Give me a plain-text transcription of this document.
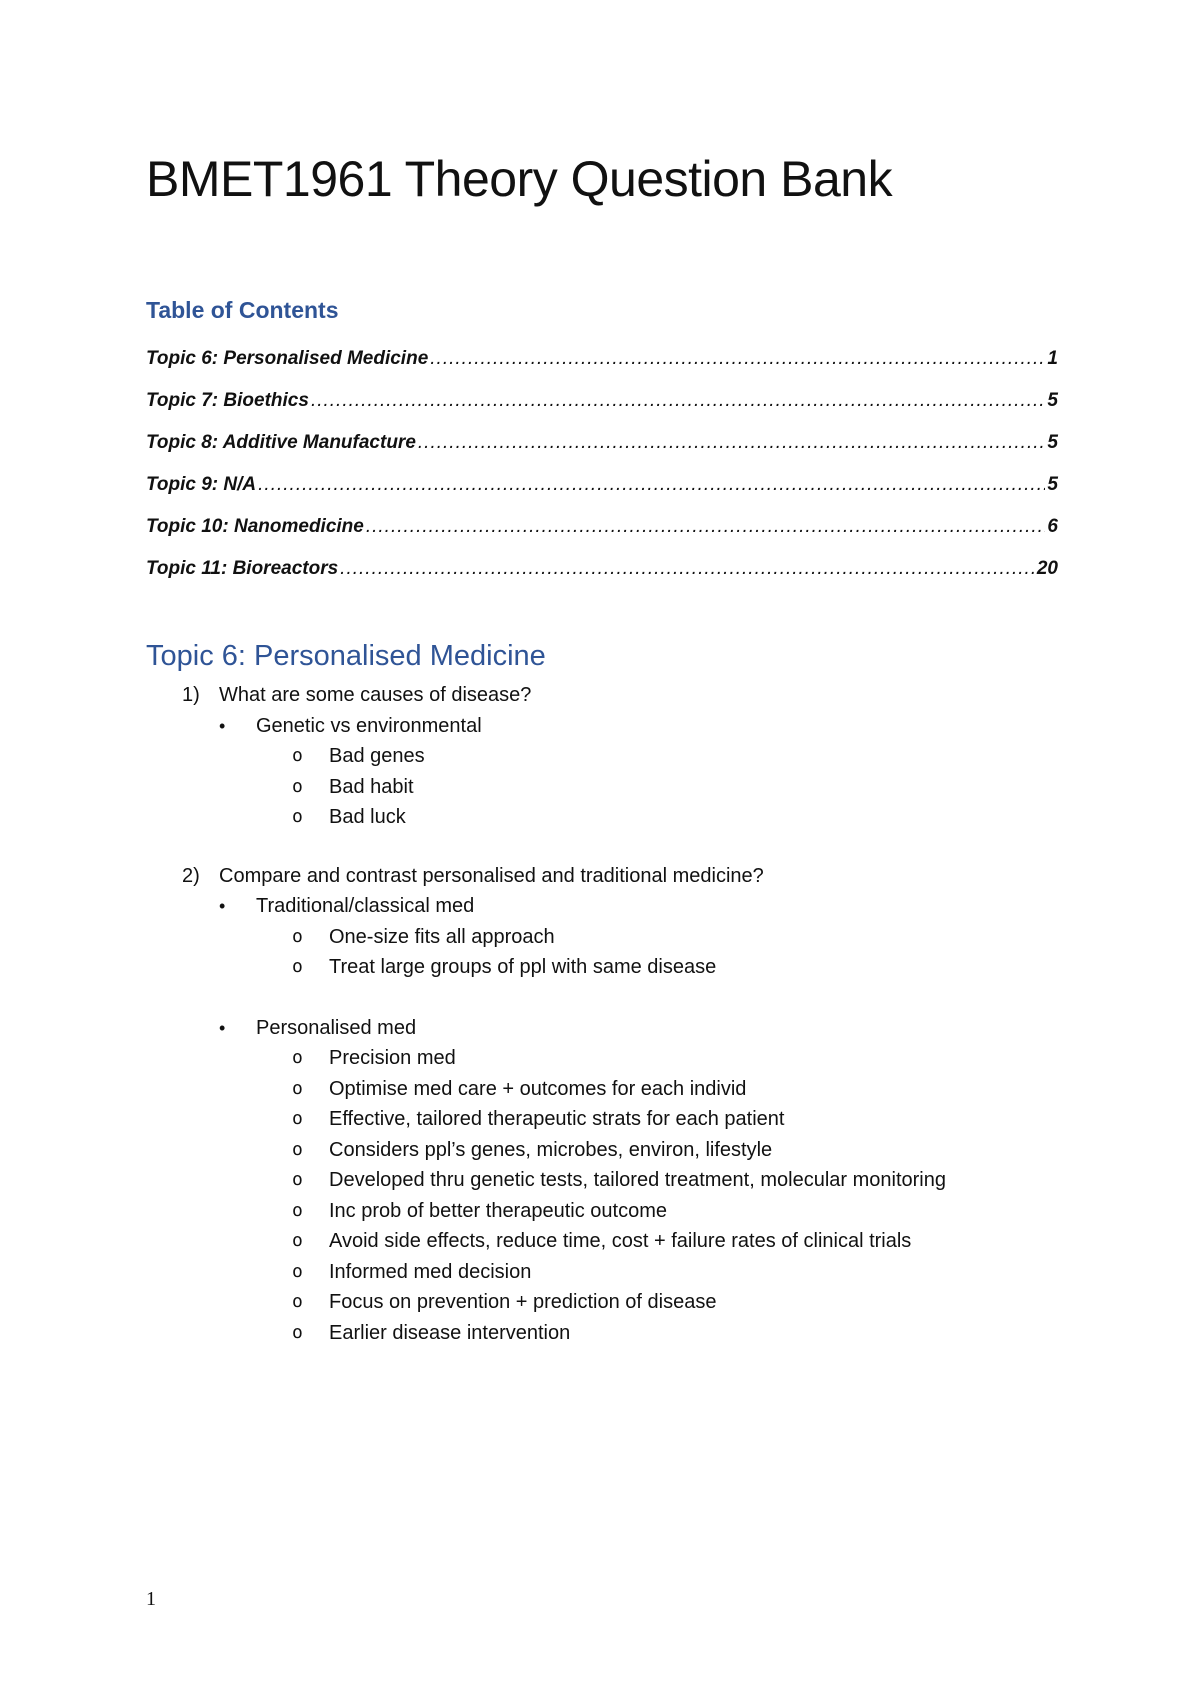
BMET1961 Theory Question Bank
Table of Contents
Topic 6: Personalised Medicine .....	1
Topic 7: Bioethics .....	5
Topic 8: Additive Manufacture .....	5
Topic 9: N/A .....	5
Topic 10: Nanomedicine .....	6
Topic 11: Bioreactors .....	20
Topic 6: Personalised Medicine
1) What are some causes of disease?
•	Genetic vs environmental
o	Bad genes
o	Bad habit
o	Bad luck
2) Compare and contrast personalised and traditional medicine?
•	Traditional/classical med
o	One-size fits all approach
o	Treat large groups of ppl with same disease
•	Personalised med
o	Precision med
o	Optimise med care + outcomes for each individ
o	Effective, tailored therapeutic strats for each patient
o	Considers ppl’s genes, microbes, environ, lifestyle
o	Developed thru genetic tests, tailored treatment, molecular monitoring
o	Inc prob of better therapeutic outcome
o	Avoid side effects, reduce time, cost + failure rates of clinical trials
o	Informed med decision
o	Focus on prevention + prediction of disease
o	Earlier disease intervention
1
